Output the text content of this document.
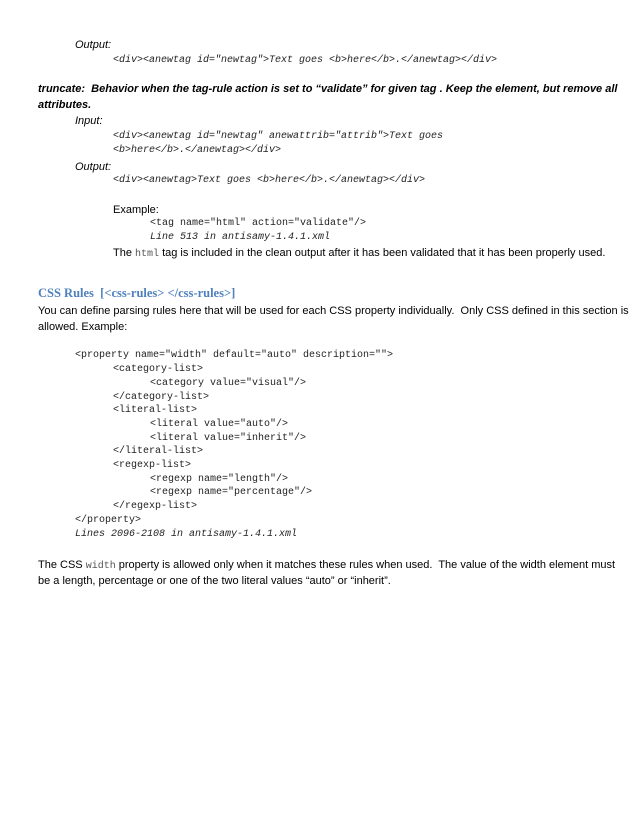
Output:
<div><anewtag id="newtag">Text goes <b>here</b>.</anewtag></div>
truncate:  Behavior when the tag-rule action is set to “validate” for given tag . Keep the element, but remove all
attributes.
Input:
<div><anewtag id="newtag" anewattrib="attrib">Text goes
<b>here</b>.</anewtag></div>
Output:
<div><anewtag>Text goes <b>here</b>.</anewtag></div>
Example:
<tag name="html" action="validate"/>
Line 513 in antisamy-1.4.1.xml
The html tag is included in the clean output after it has been validated that it has been properly used.
CSS Rules  [<css-rules> </css-rules>]
You can define parsing rules here that will be used for each CSS property individually.  Only CSS defined in this section is
allowed. Example:
<property name="width" default="auto" description="">
<category-list>
<category value="visual"/>
</category-list>
<literal-list>
<literal value="auto"/>
<literal value="inherit"/>
</literal-list>
<regexp-list>
<regexp name="length"/>
<regexp name="percentage"/>
</regexp-list>
</property>
Lines 2096-2108 in antisamy-1.4.1.xml
The CSS width property is allowed only when it matches these rules when used.  The value of the width element must
be a length, percentage or one of the two literal values “auto” or “inherit”.
